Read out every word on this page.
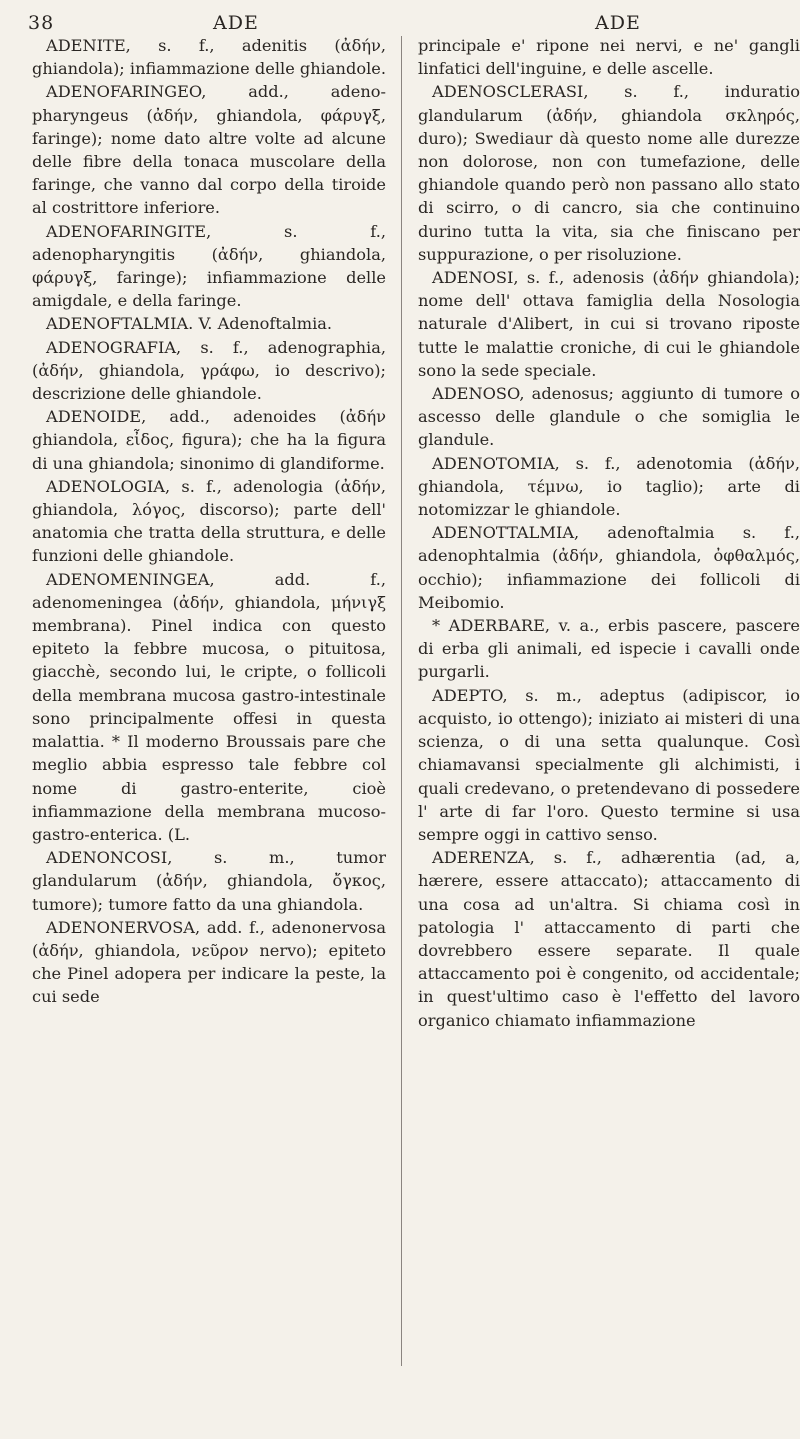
38	ADE	ADE

ADENITE, s. f., adenitis (ἀδήν, ghiandola); infiammazione delle ghiandole.

ADENOFARINGEO, add., adeno-pharyngeus (ἀδήν, ghiandola, φάρυγξ, faringe); nome dato altre volte ad alcune delle fibre della tonaca muscolare della faringe, che vanno dal corpo della tiroide al costrittore inferiore.

ADENOFARINGITE, s. f., adenopharyngitis (ἀδήν, ghiandola, φάρυγξ, faringe); infiammazione delle amigdale, e della faringe.

ADENOFTALMIA. V. Adenoftalmia.

ADENOGRAFIA, s. f., adenographia, (ἀδήν, ghiandola, γράφω, io descrivo); descrizione delle ghiandole.

ADENOIDE, add., adenoides (ἀδήν ghiandola, εἶδος, figura); che ha la figura di una ghiandola; sinonimo di glandiforme.

ADENOLOGIA, s. f., adenologia (ἀδήν, ghiandola, λόγος, discorso); parte dell' anatomia che tratta della struttura, e delle funzioni delle ghiandole.

ADENOMENINGEA, add. f., adenomeningea (ἀδήν, ghiandola, μήνιγξ membrana). Pinel indica con questo epiteto la febbre mucosa, o pituitosa, giacchè, secondo lui, le cripte, o follicoli della membrana mucosa gastro-intestinale sono principalmente offesi in questa malattia. * Il moderno Broussais pare che meglio abbia espresso tale febbre col nome di gastro-enterite, cioè infiammazione della membrana mucoso-gastro-enterica. (L.

ADENONCOSI, s. m., tumor glandularum (ἀδήν, ghiandola, ὄγκος, tumore); tumore fatto da una ghiandola.

ADENONERVOSA, add. f., adenonervosa (ἀδήν, ghiandola, νεῦρον nervo); epiteto che Pinel adopera per indicare la peste, la cui sede

principale e' ripone nei nervi, e ne' gangli linfatici dell'inguine, e delle ascelle.

ADENOSCLERASI, s. f., induratio glandularum (ἀδήν, ghiandola σκληρός, duro); Swediaur dà questo nome alle durezze non dolorose, non con tumefazione, delle ghiandole quando però non passano allo stato di scirro, o di cancro, sia che continuino durino tutta la vita, sia che finiscano per suppurazione, o per risoluzione.

ADENOSI, s. f., adenosis (ἀδήν ghiandola); nome dell' ottava famiglia della Nosologia naturale d'Alibert, in cui si trovano riposte tutte le malattie croniche, di cui le ghiandole sono la sede speciale.

ADENOSO, adenosus; aggiunto di tumore o ascesso delle glandule o che somiglia le glandule.

ADENOTOMIA, s. f., adenotomia (ἀδήν, ghiandola, τέμνω, io taglio); arte di notomizzar le ghiandole.

ADENOTTALMIA, adenoftalmia s. f., adenophtalmia (ἀδήν, ghiandola, ὀφθαλμός, occhio); infiammazione dei follicoli di Meibomio.

* ADERBARE, v. a., erbis pascere, pascere di erba gli animali, ed ispecie i cavalli onde purgarli.

ADEPTO, s. m., adeptus (adipiscor, io acquisto, io ottengo); iniziato ai misteri di una scienza, o di una setta qualunque. Così chiamavansi specialmente gli alchimisti, i quali credevano, o pretendevano di possedere l' arte di far l'oro. Questo termine si usa sempre oggi in cattivo senso.

ADERENZA, s. f., adhærentia (ad, a, hærere, essere attaccato); attaccamento di una cosa ad un'altra. Si chiama così in patologia l' attaccamento di parti che dovrebbero essere separate. Il quale attaccamento poi è congenito, od accidentale; in quest'ultimo caso è l'effetto del lavoro organico chiamato infiammazione
